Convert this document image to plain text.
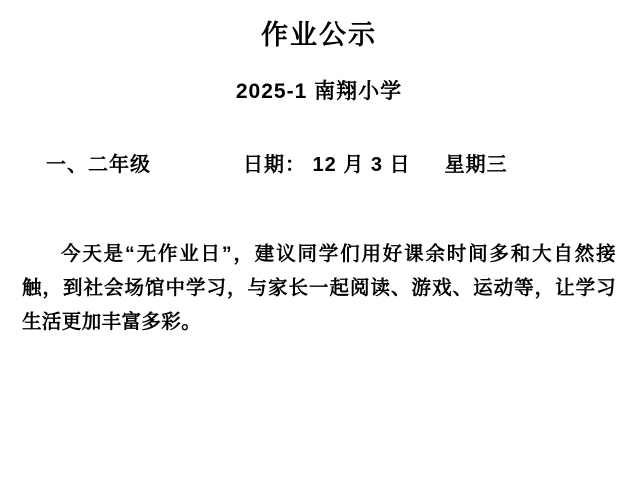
作业公示
2025-1 南翔小学
一、二年级	日期： 12 月 3 日 星期三
今天是“无作业日”，建议同学们用好课余时间多和大自然接触，到社会场馆中学习，与家长一起阅读、游戏、运动等，让学习生活更加丰富多彩。
